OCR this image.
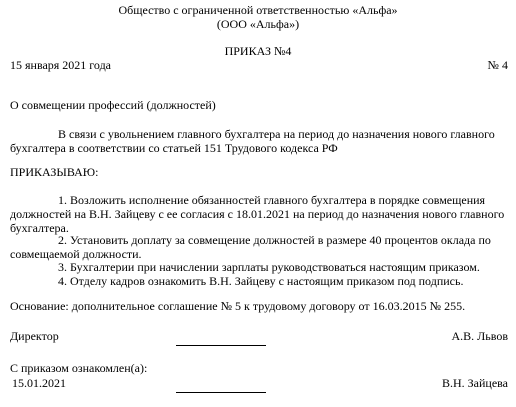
Общество с ограниченной ответственностью «Альфа»
(ООО «Альфа»)
ПРИКАЗ №4
15 января 2021 года	№ 4
О совмещении профессий (должностей)
В связи с увольнением главного бухгалтера на период до назначения нового главного бухгалтера в соответствии со статьей 151 Трудового кодекса РФ
ПРИКАЗЫВАЮ:
1. Возложить исполнение обязанностей главного бухгалтера в порядке совмещения должностей на В.Н. Зайцеву с ее согласия с 18.01.2021 на период до назначения нового главного бухгалтера.
2. Установить доплату за совмещение должностей в размере 40 процентов оклада по совмещаемой должности.
3. Бухгалтерии при начислении зарплаты руководствоваться настоящим приказом.
4. Отделу кадров ознакомить В.Н. Зайцеву с настоящим приказом под подпись.
Основание: дополнительное соглашение № 5 к трудовому договору от 16.03.2015 № 255.
Директор	А.В. Львов
С приказом ознакомлен(а):
15.01.2021	В.Н. Зайцева
